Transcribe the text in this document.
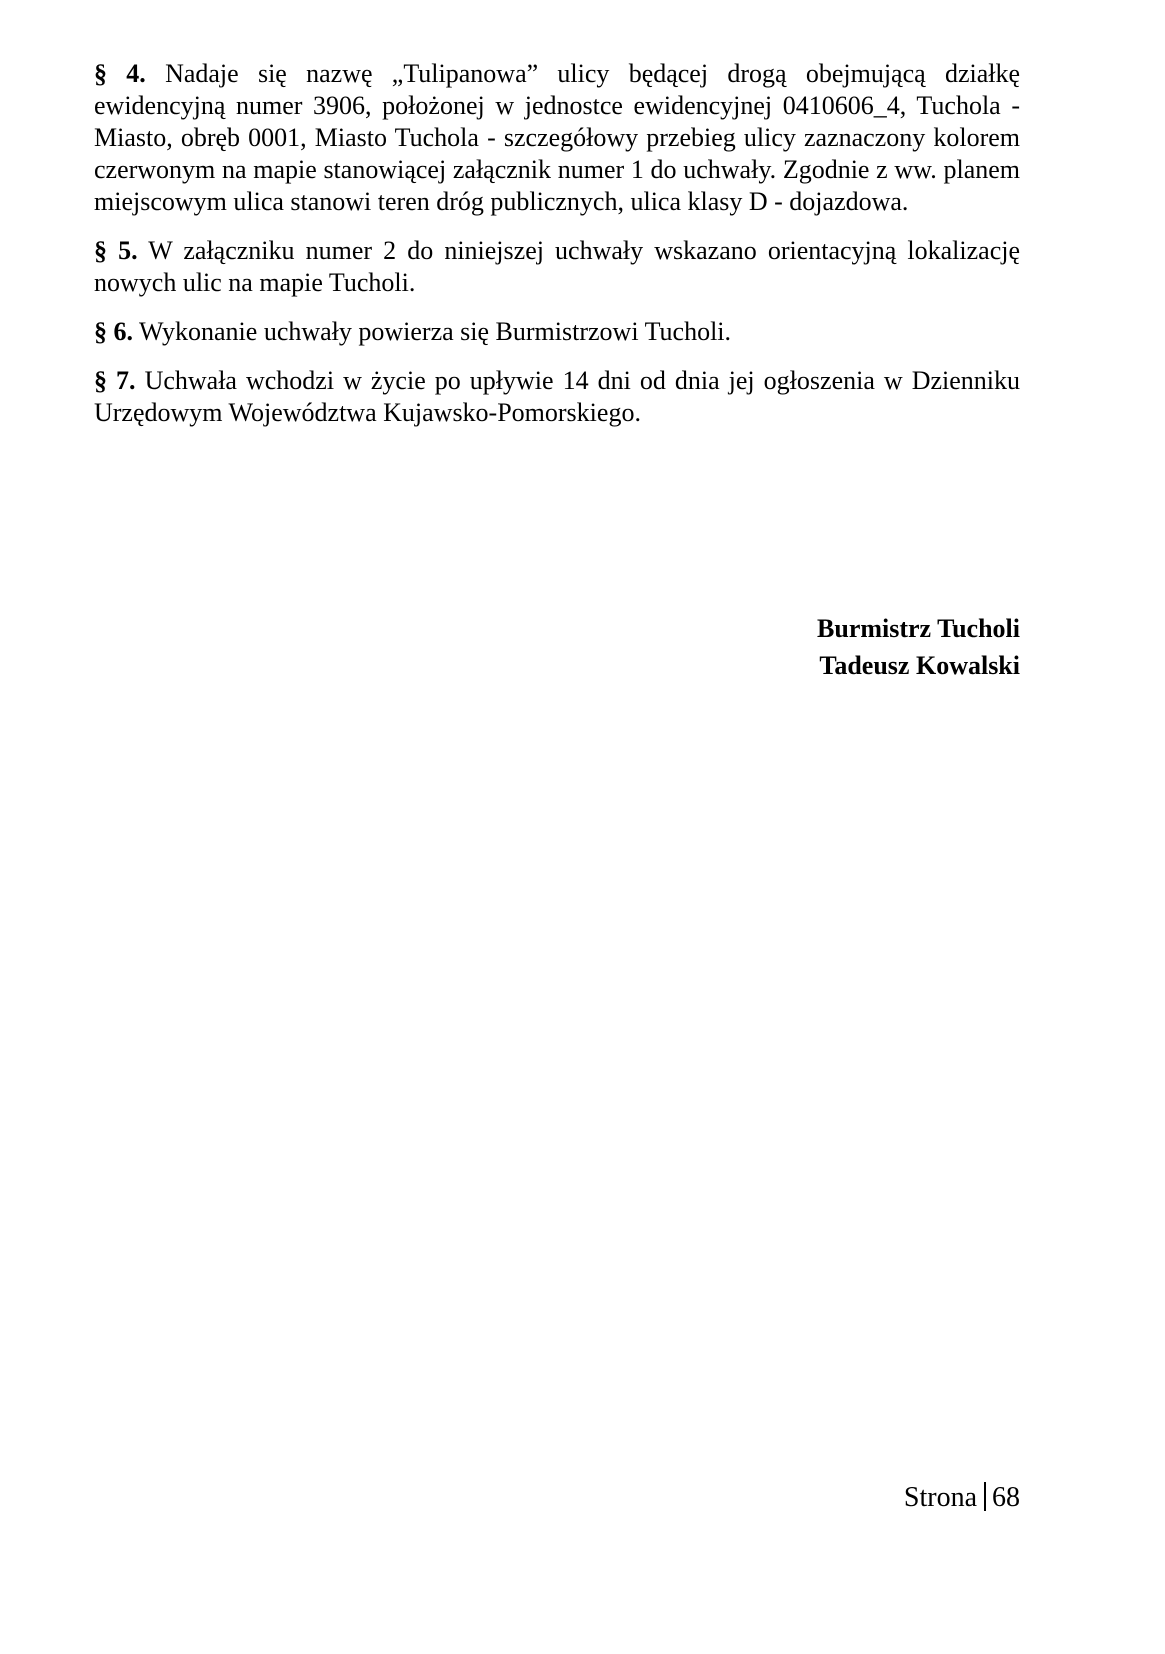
§ 4. Nadaje się nazwę „Tulipanowa” ulicy będącej drogą obejmującą działkę ewidencyjną numer 3906, położonej w jednostce ewidencyjnej 0410606_4, Tuchola - Miasto, obręb 0001, Miasto Tuchola - szczegółowy przebieg ulicy zaznaczony kolorem czerwonym na mapie stanowiącej załącznik numer 1 do uchwały. Zgodnie z ww. planem miejscowym ulica stanowi teren dróg publicznych, ulica klasy D - dojazdowa.

§ 5. W załączniku numer 2 do niniejszej uchwały wskazano orientacyjną lokalizację nowych ulic na mapie Tucholi.

§ 6. Wykonanie uchwały powierza się Burmistrzowi Tucholi.

§ 7. Uchwała wchodzi w życie po upływie 14 dni od dnia jej ogłoszenia w Dzienniku Urzędowym Województwa Kujawsko-Pomorskiego.

Burmistrz Tucholi
Tadeusz Kowalski
Strona 68
